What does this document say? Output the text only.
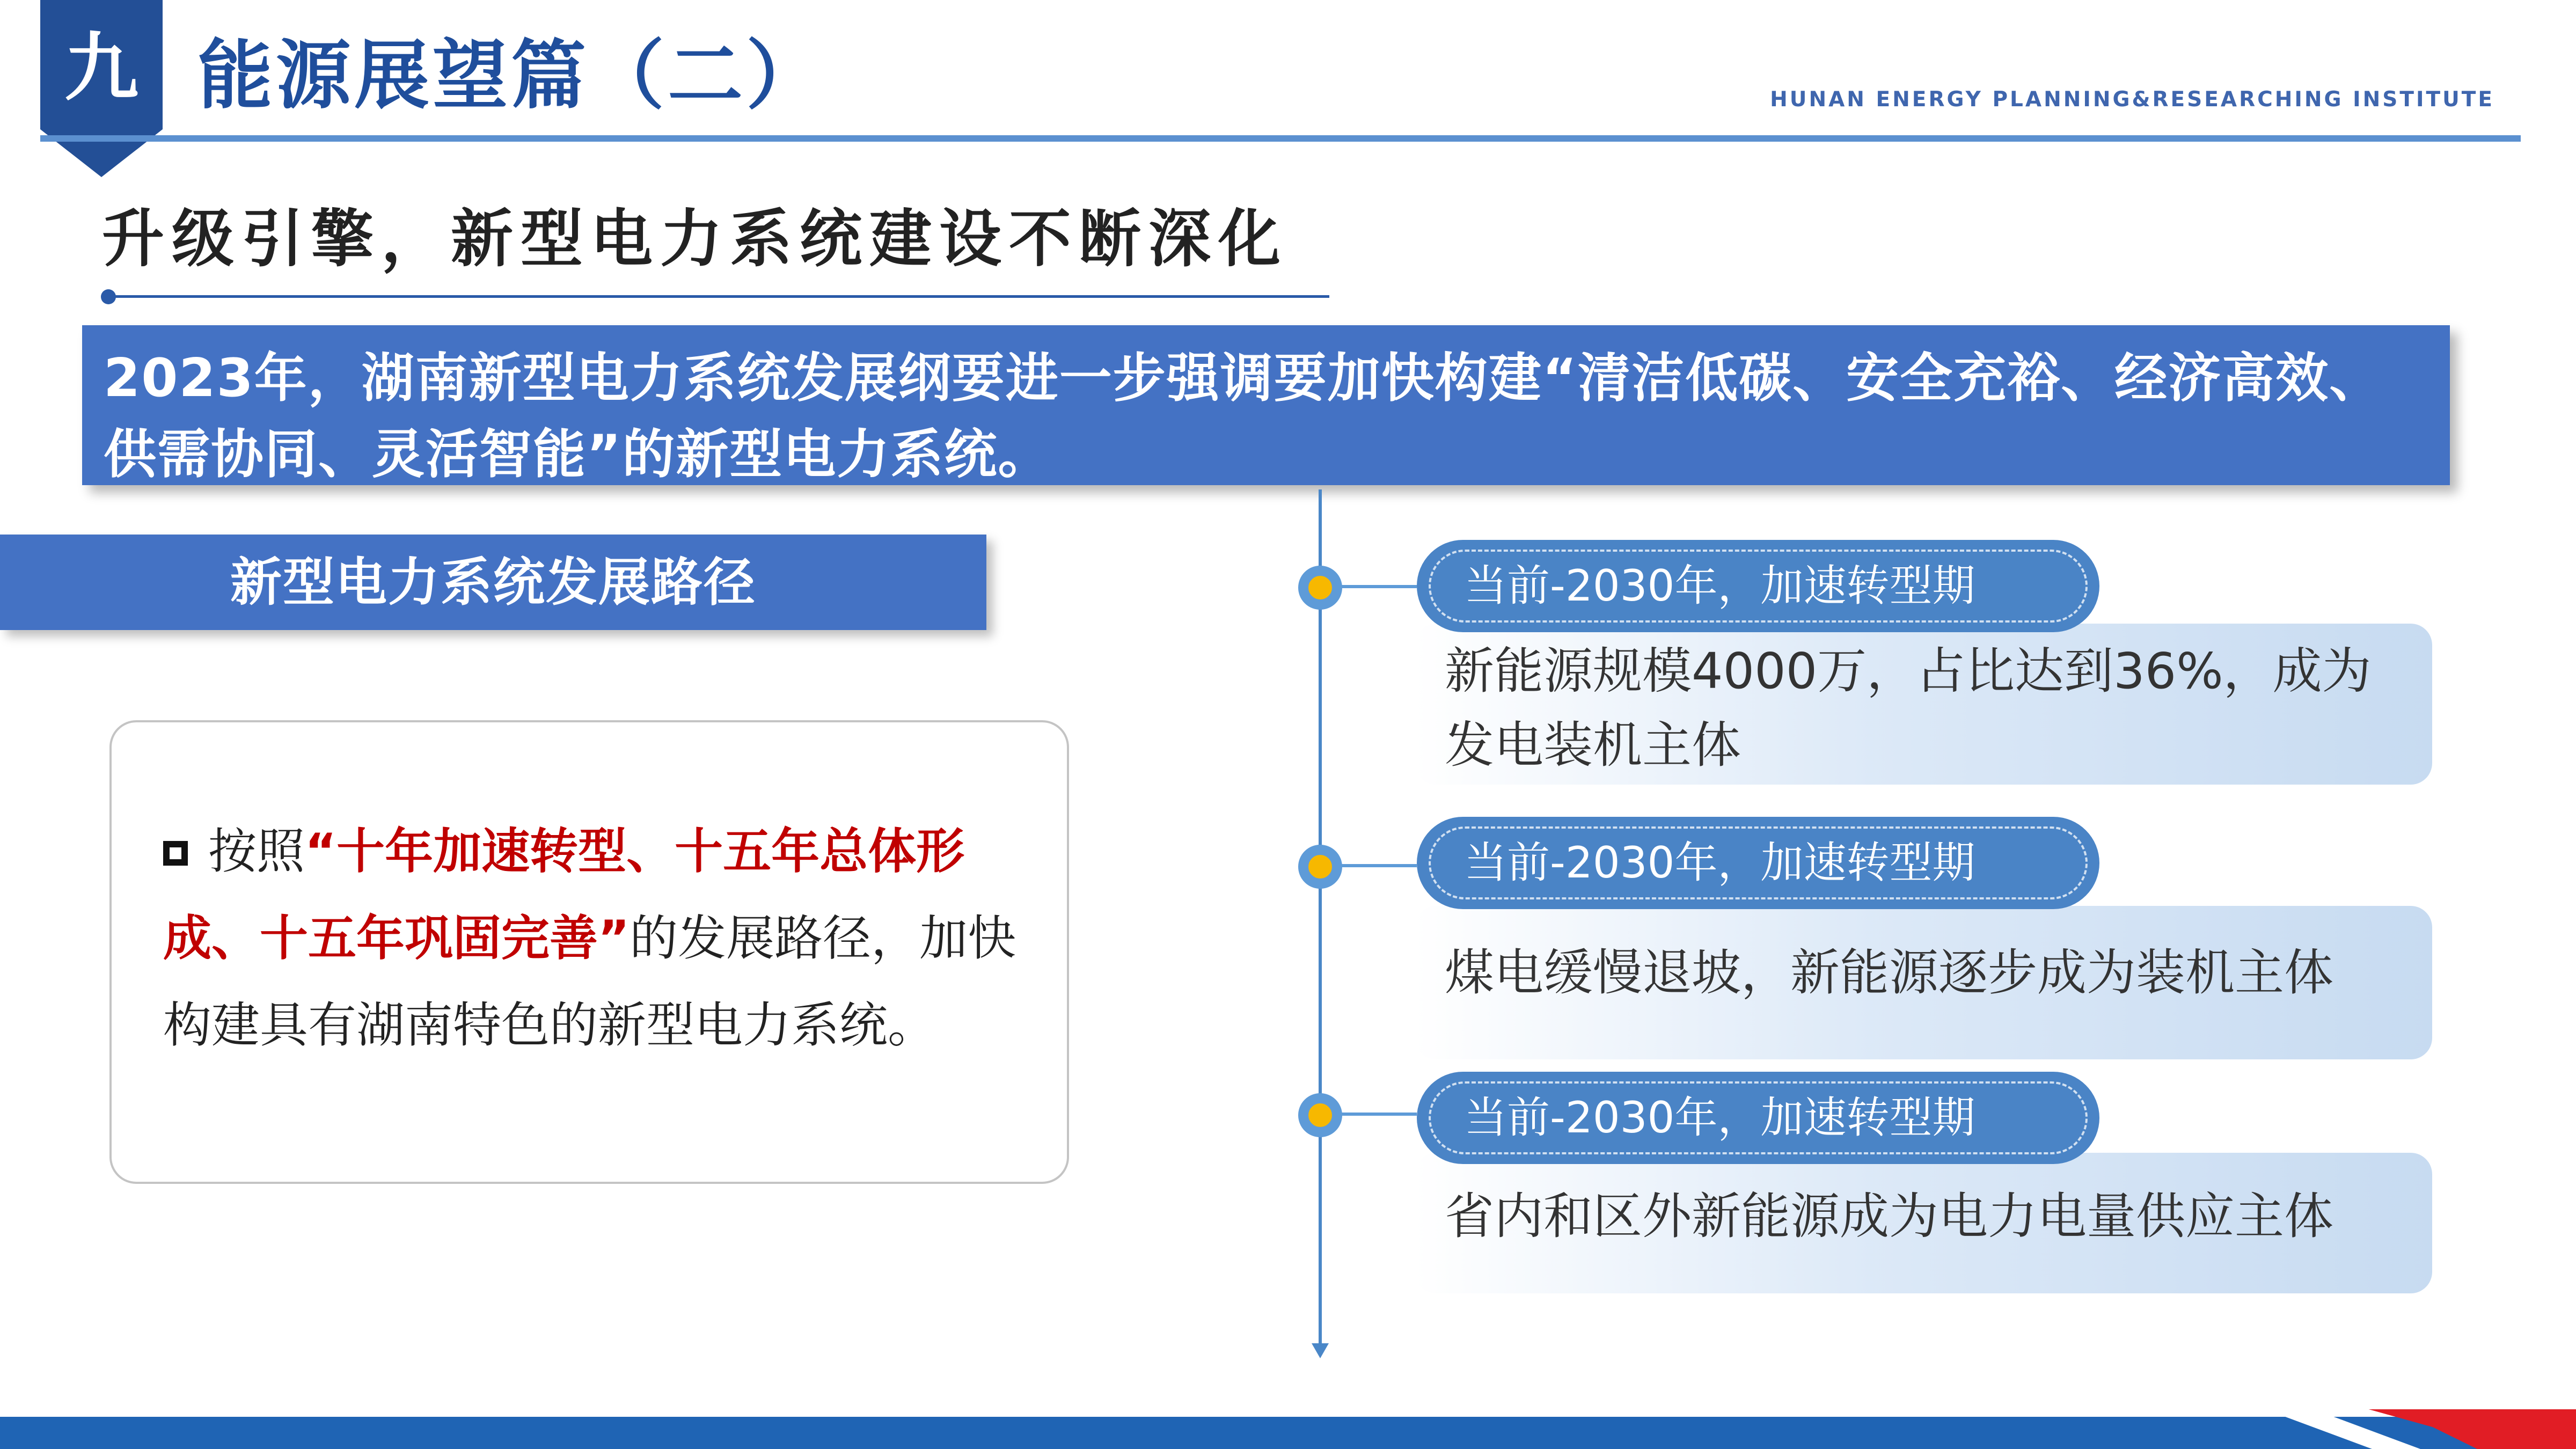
九 能源展望篇（二）	HUNAN ENERGY PLANNING&RESEARCHING INSTITUTE
升级引擎，新型电力系统建设不断深化
2023年，湖南新型电力系统发展纲要进一步强调要加快构建“清洁低碳、安全充裕、经济高效、供需协同、灵活智能”的新型电力系统。
新型电力系统发展路径
按照“十年加速转型、十五年总体形成、十五年巩固完善”的发展路径，加快构建具有湖南特色的新型电力系统。
新能源规模4000万，占比达到36%，成为发电装机主体
当前-2030年，加速转型期
煤电缓慢退坡，新能源逐步成为装机主体
当前-2030年，加速转型期
省内和区外新能源成为电力电量供应主体
当前-2030年，加速转型期
